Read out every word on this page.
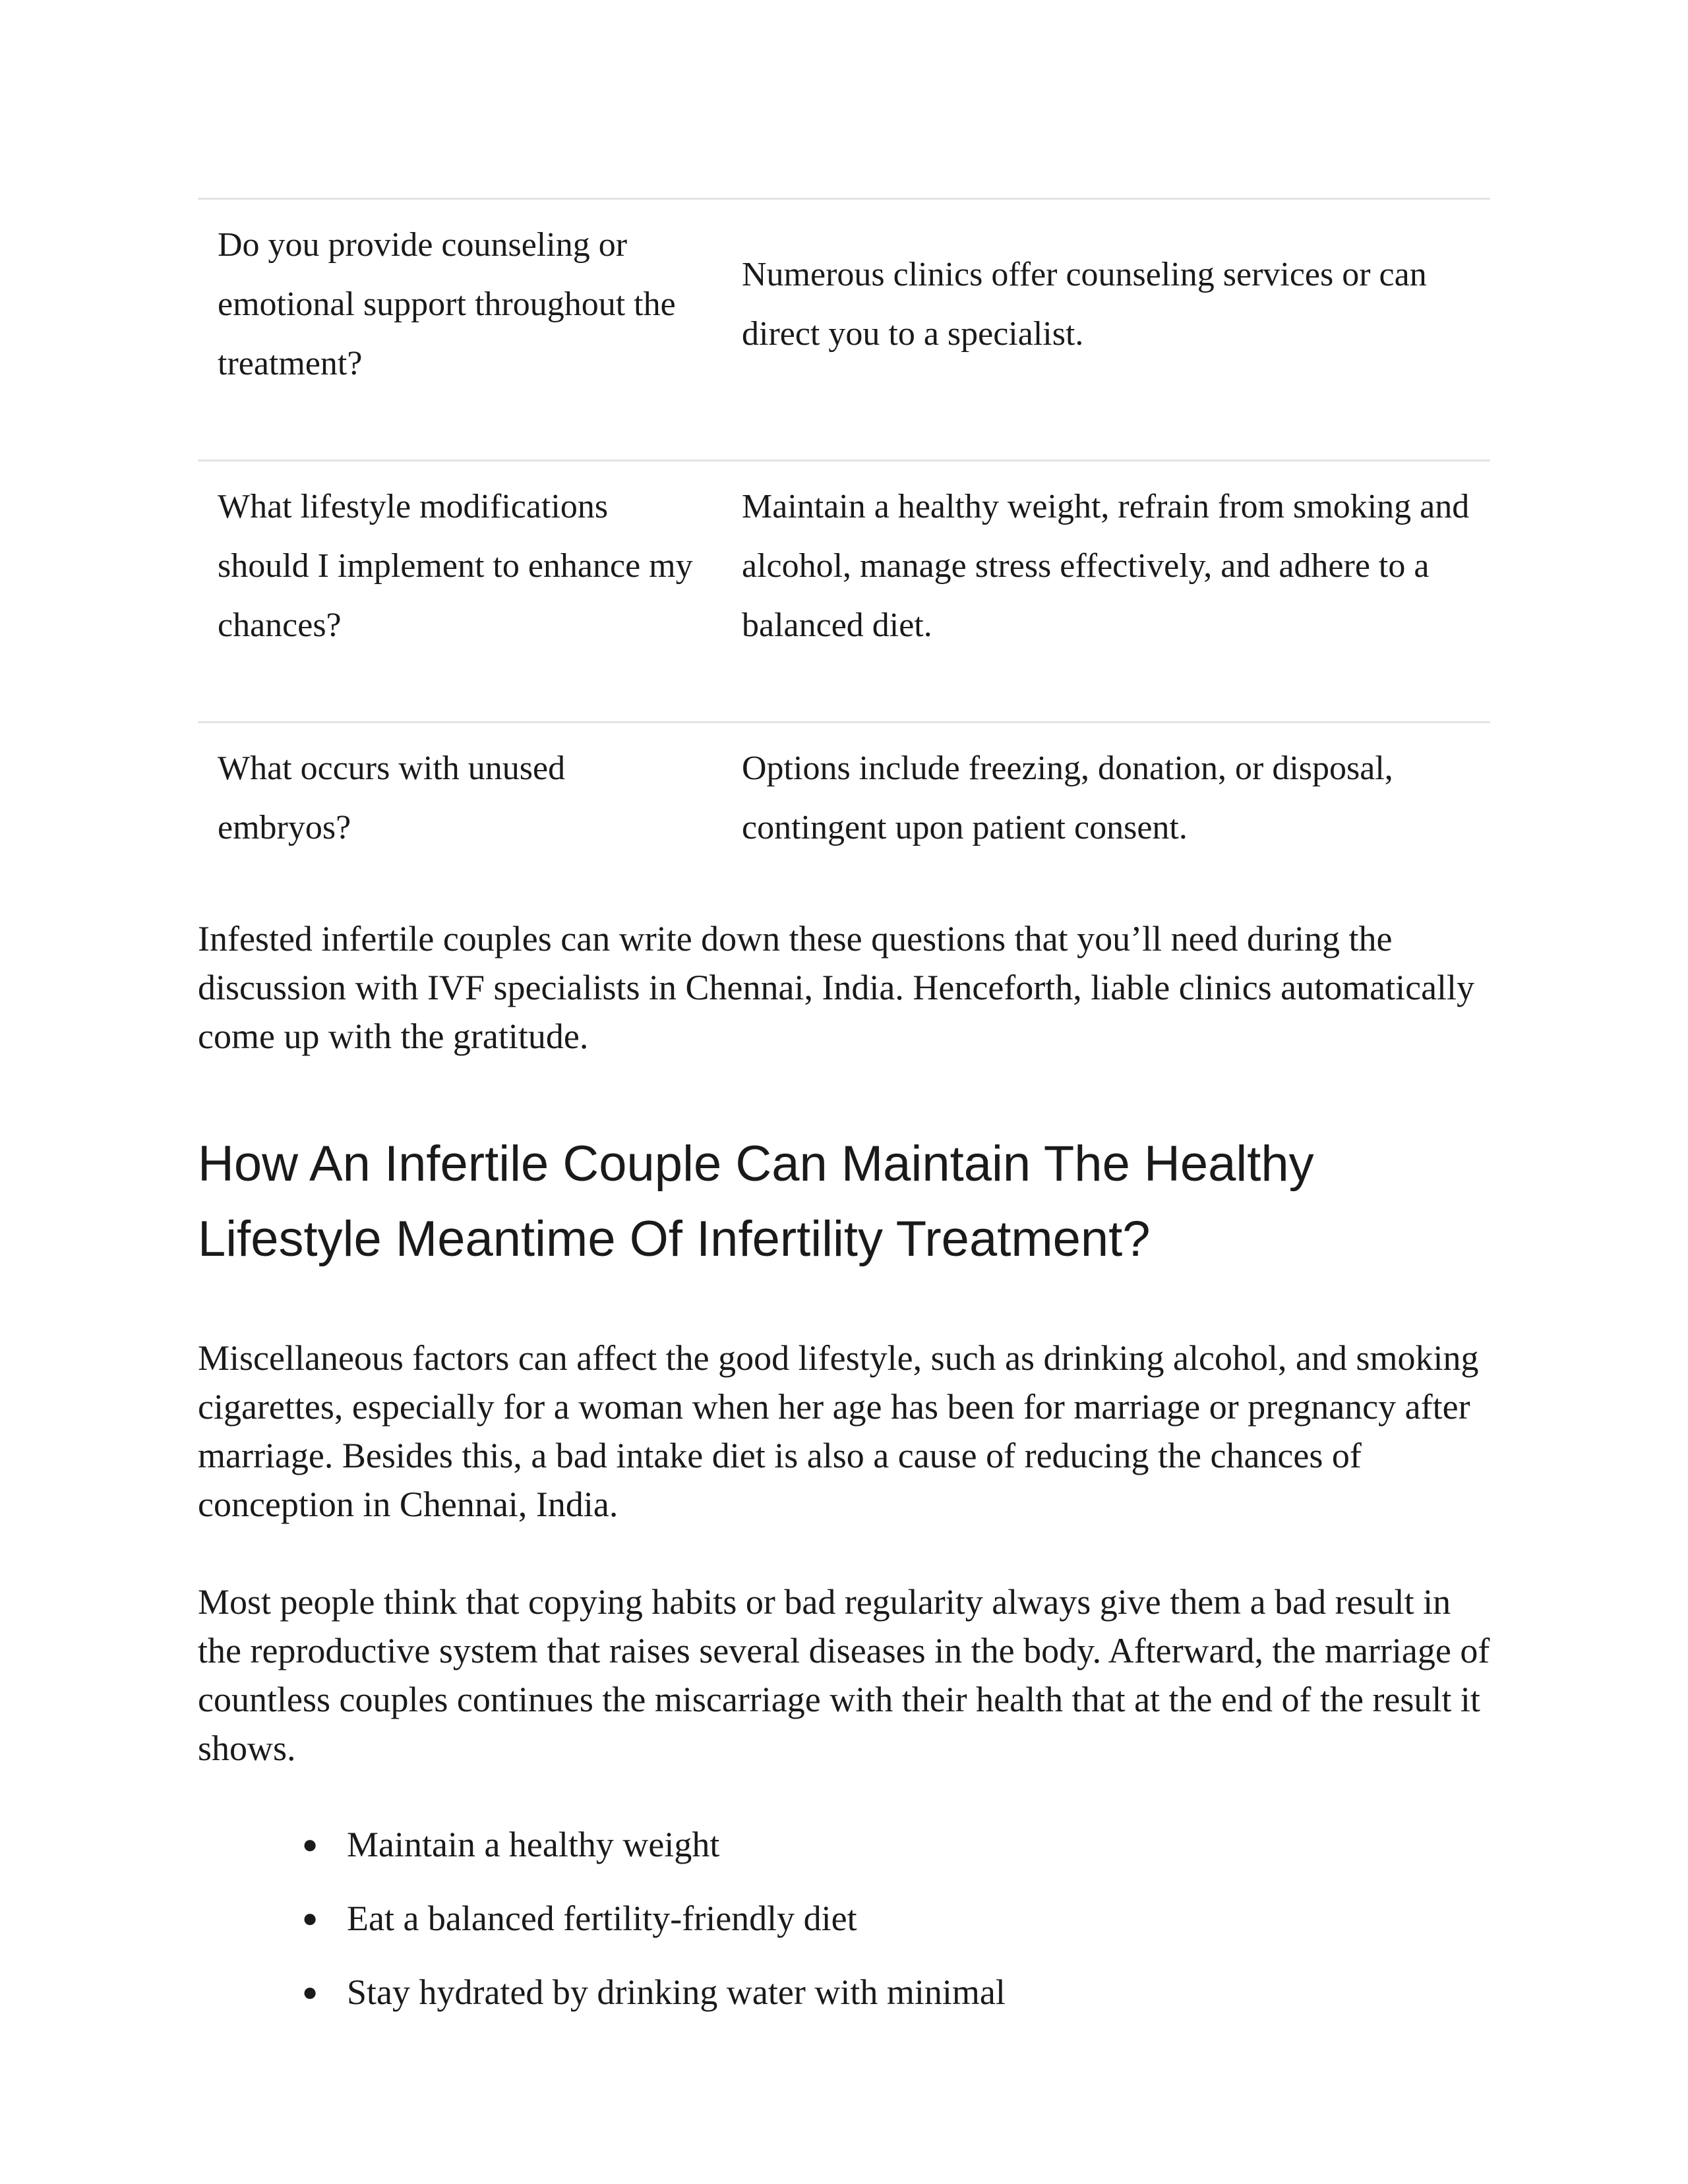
Do you provide counseling or emotional support throughout the treatment?	Numerous clinics offer counseling services or can direct you to a specialist.
What lifestyle modifications should I implement to enhance my chances?	Maintain a healthy weight, refrain from smoking and alcohol, manage stress effectively, and adhere to a balanced diet.
What occurs with unused embryos?	Options include freezing, donation, or disposal, contingent upon patient consent.

Infested infertile couples can write down these questions that you’ll need during the discussion with IVF specialists in Chennai, India. Henceforth, liable clinics automatically come up with the gratitude.

How An Infertile Couple Can Maintain The Healthy Lifestyle Meantime Of Infertility Treatment?

Miscellaneous factors can affect the good lifestyle, such as drinking alcohol, and smoking cigarettes, especially for a woman when her age has been for marriage or pregnancy after marriage. Besides this, a bad intake diet is also a cause of reducing the chances of conception in Chennai, India.

Most people think that copying habits or bad regularity always give them a bad result in the reproductive system that raises several diseases in the body. Afterward, the marriage of countless couples continues the miscarriage with their health that at the end of the result it shows.

● Maintain a healthy weight
● Eat a balanced fertility-friendly diet
● Stay hydrated by drinking water with minimal
